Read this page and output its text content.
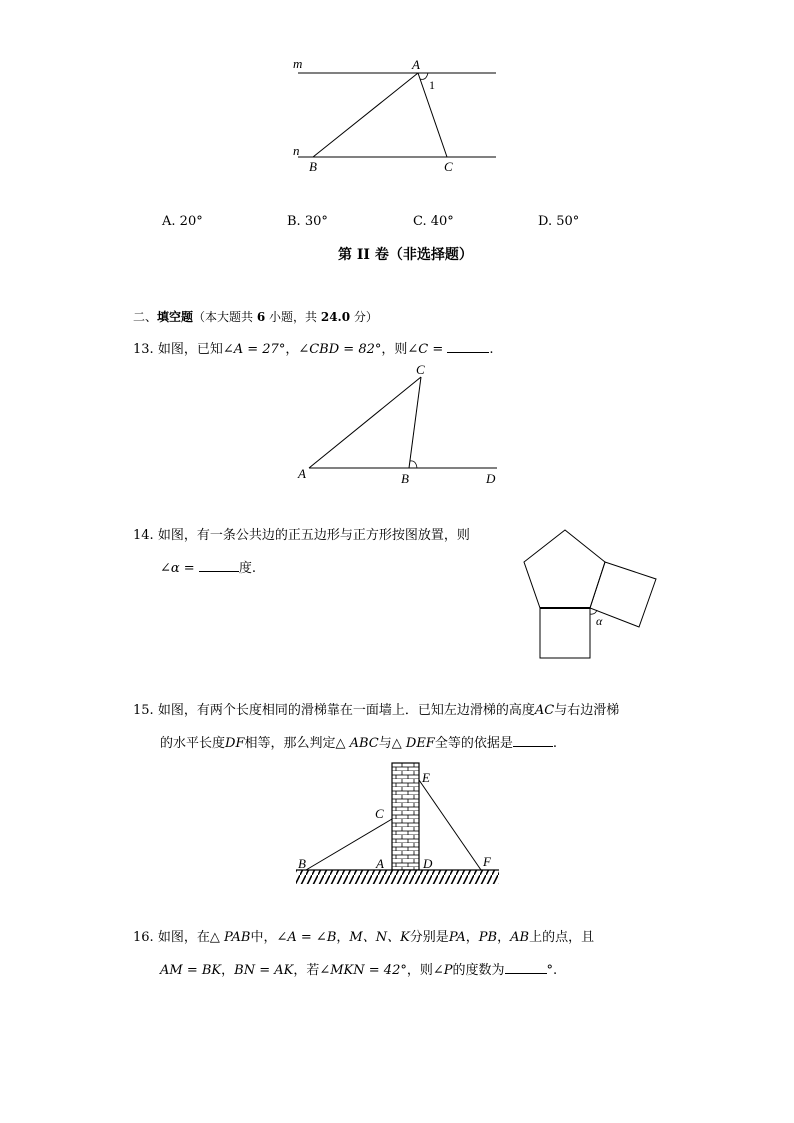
m
n
A
B	C
1
A. 20°	B. 30°	C. 40°	D. 50°
第 II 卷（非选择题）
二、填空题（本大题共 6 小题，共 24.0 分）
13. 如图，已知∠A = 27°，∠CBD = 82°，则∠C =	.
A	B
C
D
14. 如图，有一条公共边的正五边形与正方形按图放置，则
∠α =	度.
α
15. 如图，有两个长度相同的滑梯靠在一面墙上．已知左边滑梯的高度AC与右边滑梯
的水平长度DF相等，那么判定△ ABC与△ DEF全等的依据是	.
B	A
C
D
E
F
16. 如图，在△ PAB中，∠A = ∠B，M、N、K分别是PA，PB，AB上的点，且
AM = BK，BN = AK，若∠MKN = 42°，则∠P的度数为	°.
